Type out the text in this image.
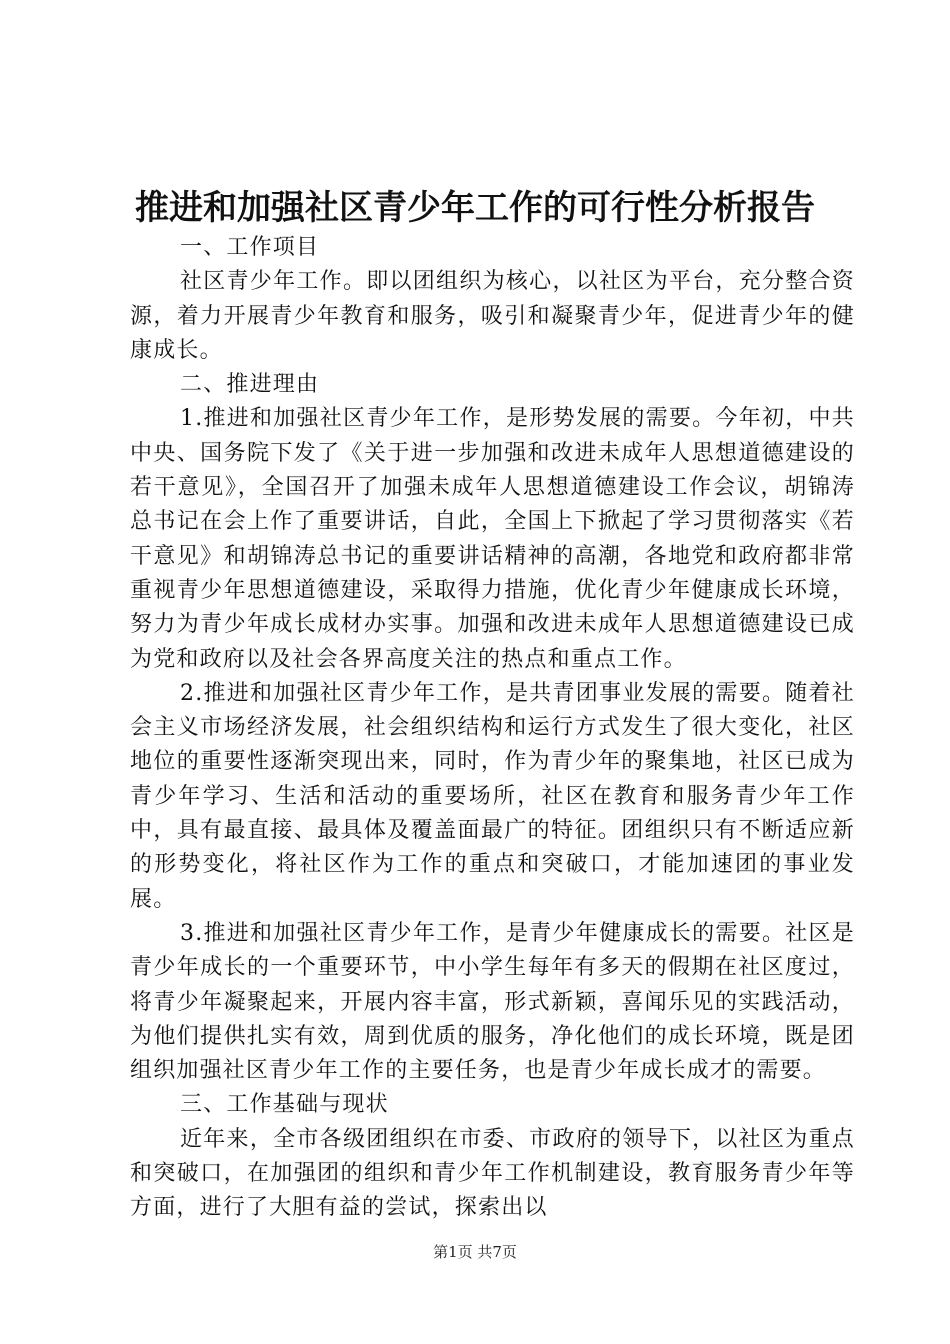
推进和加强社区青少年工作的可行性分析报告

一、工作项目

社区青少年工作。即以团组织为核心，以社区为平台，充分整合资源，着力开展青少年教育和服务，吸引和凝聚青少年，促进青少年的健康成长。

二、推进理由

1.推进和加强社区青少年工作，是形势发展的需要。今年初，中共中央、国务院下发了《关于进一步加强和改进未成年人思想道德建设的若干意见》，全国召开了加强未成年人思想道德建设工作会议，胡锦涛总书记在会上作了重要讲话，自此，全国上下掀起了学习贯彻落实《若干意见》和胡锦涛总书记的重要讲话精神的高潮，各地党和政府都非常重视青少年思想道德建设，采取得力措施，优化青少年健康成长环境，努力为青少年成长成材办实事。加强和改进未成年人思想道德建设已成为党和政府以及社会各界高度关注的热点和重点工作。

2.推进和加强社区青少年工作，是共青团事业发展的需要。随着社会主义市场经济发展，社会组织结构和运行方式发生了很大变化，社区地位的重要性逐渐突现出来，同时，作为青少年的聚集地，社区已成为青少年学习、生活和活动的重要场所，社区在教育和服务青少年工作中，具有最直接、最具体及覆盖面最广的特征。团组织只有不断适应新的形势变化，将社区作为工作的重点和突破口，才能加速团的事业发展。

3.推进和加强社区青少年工作，是青少年健康成长的需要。社区是青少年成长的一个重要环节，中小学生每年有多天的假期在社区度过，将青少年凝聚起来，开展内容丰富，形式新颖，喜闻乐见的实践活动，为他们提供扎实有效，周到优质的服务，净化他们的成长环境，既是团组织加强社区青少年工作的主要任务，也是青少年成长成才的需要。

三、工作基础与现状

近年来，全市各级团组织在市委、市政府的领导下，以社区为重点和突破口，在加强团的组织和青少年工作机制建设，教育服务青少年等方面，进行了大胆有益的尝试，探索出以

第1页 共7页
